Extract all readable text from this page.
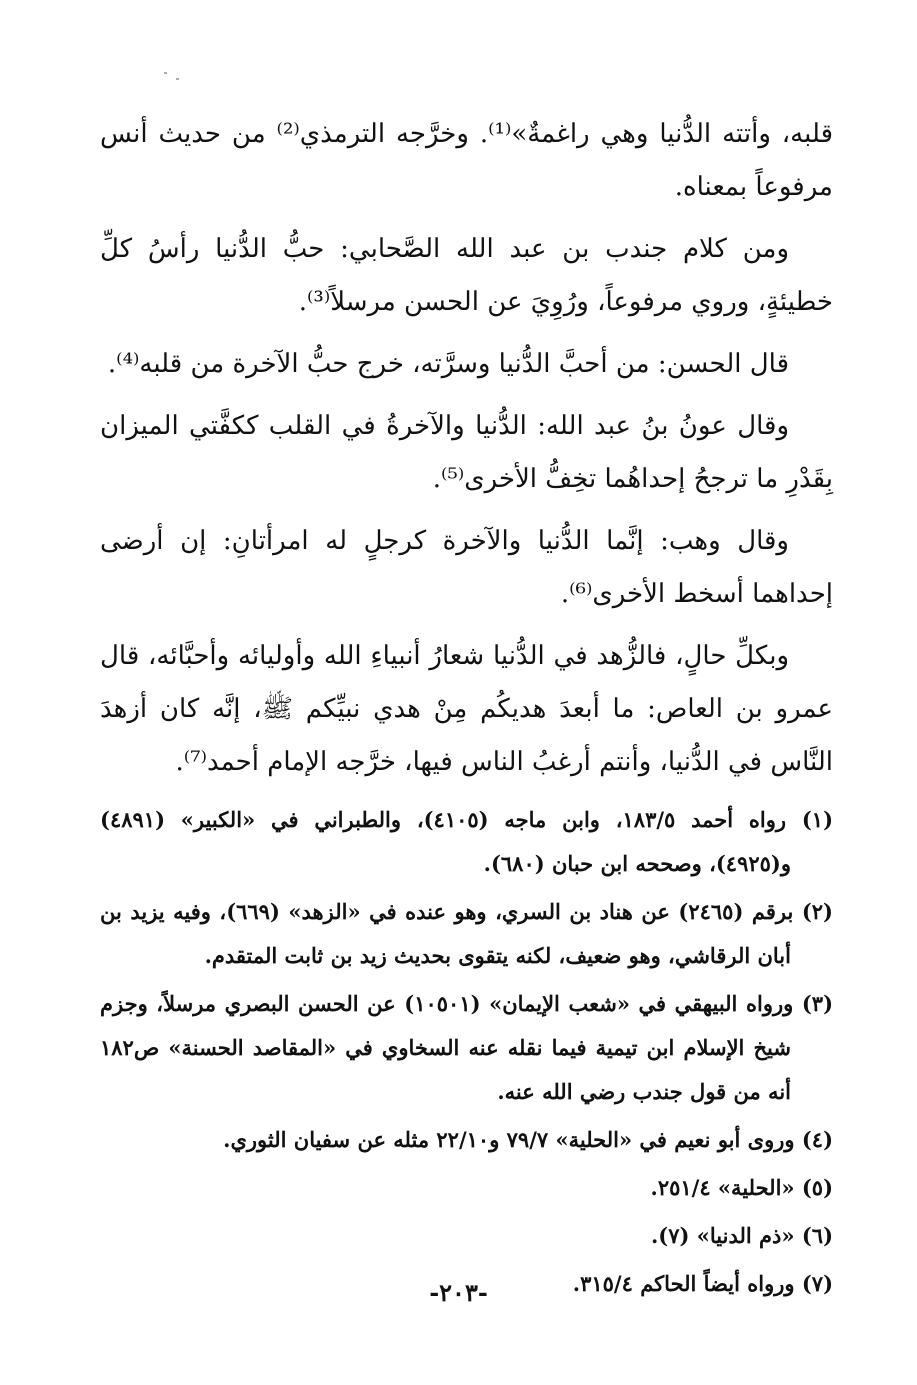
قلبه، وأتته الدُّنيا وهي راغمةٌ»⁽¹⁾. وخرَّجه الترمذي⁽²⁾ من حديث أنس مرفوعاً بمعناه.

ومن كلام جندب بن عبد الله الصَّحابي: حبُّ الدُّنيا رأسُ كلِّ خطيئةٍ، وروي مرفوعاً، ورُوِيَ عن الحسن مرسلاً⁽³⁾.

قال الحسن: من أحبَّ الدُّنيا وسرَّته، خرج حبُّ الآخرة من قلبه⁽⁴⁾.

وقال عونُ بنُ عبد الله: الدُّنيا والآخرةُ في القلب ككفَّتي الميزان بِقَدْرِ ما ترجحُ إحداهُما تخِفُّ الأخرى⁽⁵⁾.

وقال وهب: إنَّما الدُّنيا والآخرة كرجلٍ له امرأتانِ: إن أرضى إحداهما أسخط الأخرى⁽⁶⁾.

وبكلِّ حالٍ، فالزُّهد في الدُّنيا شعارُ أنبياءِ الله وأوليائه وأحبَّائه، قال عمرو بن العاص: ما أبعدَ هديكُم مِنْ هدي نبيِّكم ﷺ، إنَّه كان أزهدَ النَّاس في الدُّنيا، وأنتم أرغبُ الناس فيها، خرَّجه الإمام أحمد⁽⁷⁾.

(١) رواه أحمد ١٨٣/٥، وابن ماجه (٤١٠٥)، والطبراني في «الكبير» (٤٨٩١) و(٤٩٢٥)، وصححه ابن حبان (٦٨٠).

(٢) برقم (٢٤٦٥) عن هناد بن السري، وهو عنده في «الزهد» (٦٦٩)، وفيه يزيد بن أبان الرقاشي، وهو ضعيف، لكنه يتقوى بحديث زيد بن ثابت المتقدم.

(٣) ورواه البيهقي في «شعب الإيمان» (١٠٥٠١) عن الحسن البصري مرسلاً، وجزم شيخ الإسلام ابن تيمية فيما نقله عنه السخاوي في «المقاصد الحسنة» ص١٨٢ أنه من قول جندب رضي الله عنه.

(٤) وروى أبو نعيم في «الحلية» ٧٩/٧ و٢٢/١٠ مثله عن سفيان الثوري.

(٥) «الحلية» ٢٥١/٤.

(٦) «ذم الدنيا» (٧).

(٧) ورواه أيضاً الحاكم ٣١٥/٤.

-٢٠٣-
